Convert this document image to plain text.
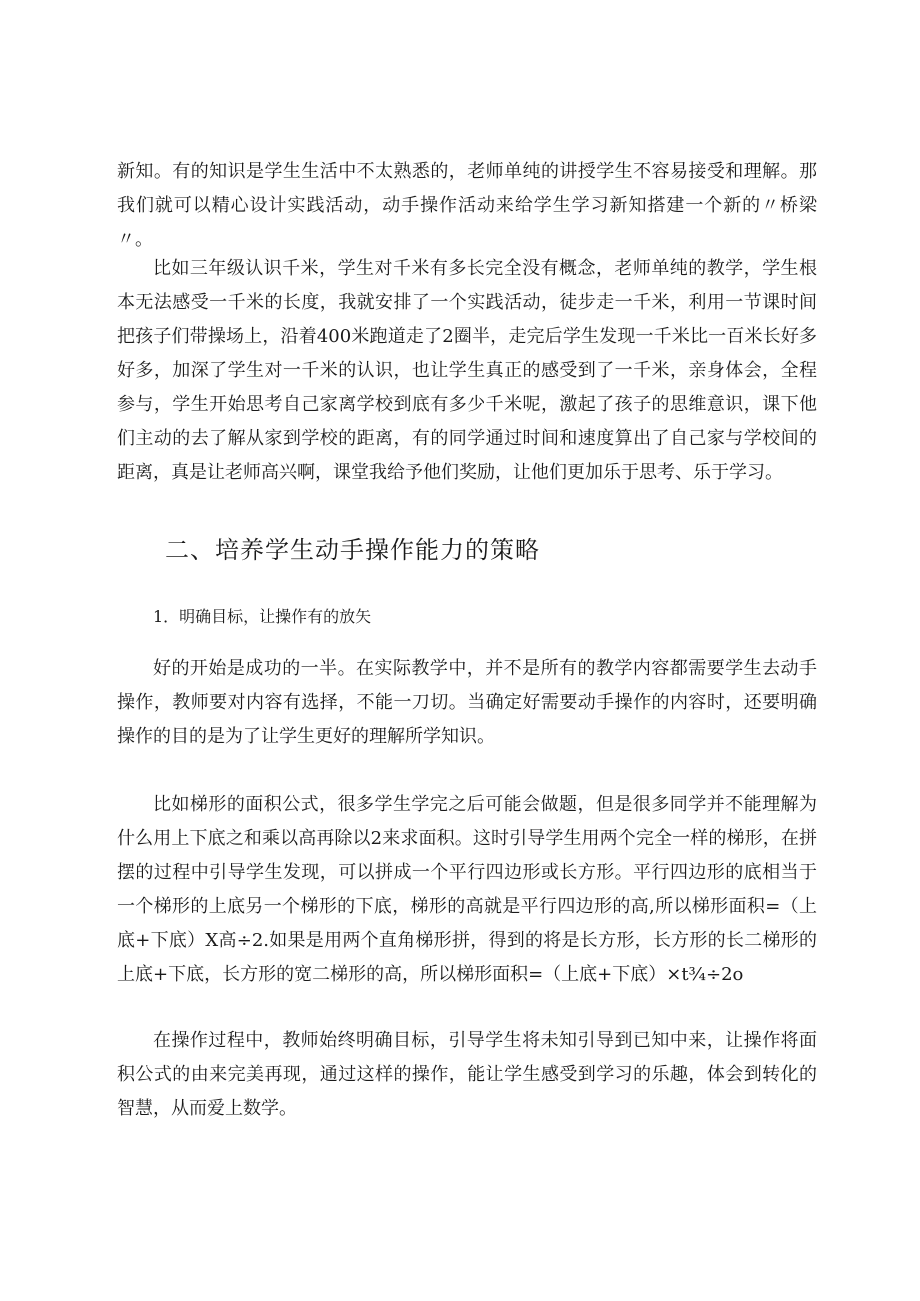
新知。有的知识是学生生活中不太熟悉的，老师单纯的讲授学生不容易接受和理解。那我们就可以精心设计实践活动，动手操作活动来给学生学习新知搭建一个新的〃桥梁〃。

比如三年级认识千米，学生对千米有多长完全没有概念，老师单纯的教学，学生根本无法感受一千米的长度，我就安排了一个实践活动，徒步走一千米，利用一节课时间把孩子们带操场上，沿着400米跑道走了2圈半，走完后学生发现一千米比一百米长好多好多，加深了学生对一千米的认识，也让学生真正的感受到了一千米，亲身体会，全程参与，学生开始思考自己家离学校到底有多少千米呢，激起了孩子的思维意识，课下他们主动的去了解从家到学校的距离，有的同学通过时间和速度算出了自己家与学校间的距离，真是让老师高兴啊，课堂我给予他们奖励，让他们更加乐于思考、乐于学习。

二、培养学生动手操作能力的策略
1．明确目标，让操作有的放矢

好的开始是成功的一半。在实际教学中，并不是所有的教学内容都需要学生去动手操作，教师要对内容有选择，不能一刀切。当确定好需要动手操作的内容时，还要明确操作的目的是为了让学生更好的理解所学知识。

比如梯形的面积公式，很多学生学完之后可能会做题，但是很多同学并不能理解为什么用上下底之和乘以高再除以2来求面积。这时引导学生用两个完全一样的梯形，在拼摆的过程中引导学生发现，可以拼成一个平行四边形或长方形。平行四边形的底相当于一个梯形的上底另一个梯形的下底，梯形的高就是平行四边形的高,所以梯形面积=（上底+下底）X高÷2.如果是用两个直角梯形拼，得到的将是长方形，长方形的长二梯形的上底+下底，长方形的宽二梯形的高，所以梯形面积=（上底+下底）×t¾÷2o

在操作过程中，教师始终明确目标，引导学生将未知引导到已知中来，让操作将面积公式的由来完美再现，通过这样的操作，能让学生感受到学习的乐趣，体会到转化的智慧，从而爱上数学。
